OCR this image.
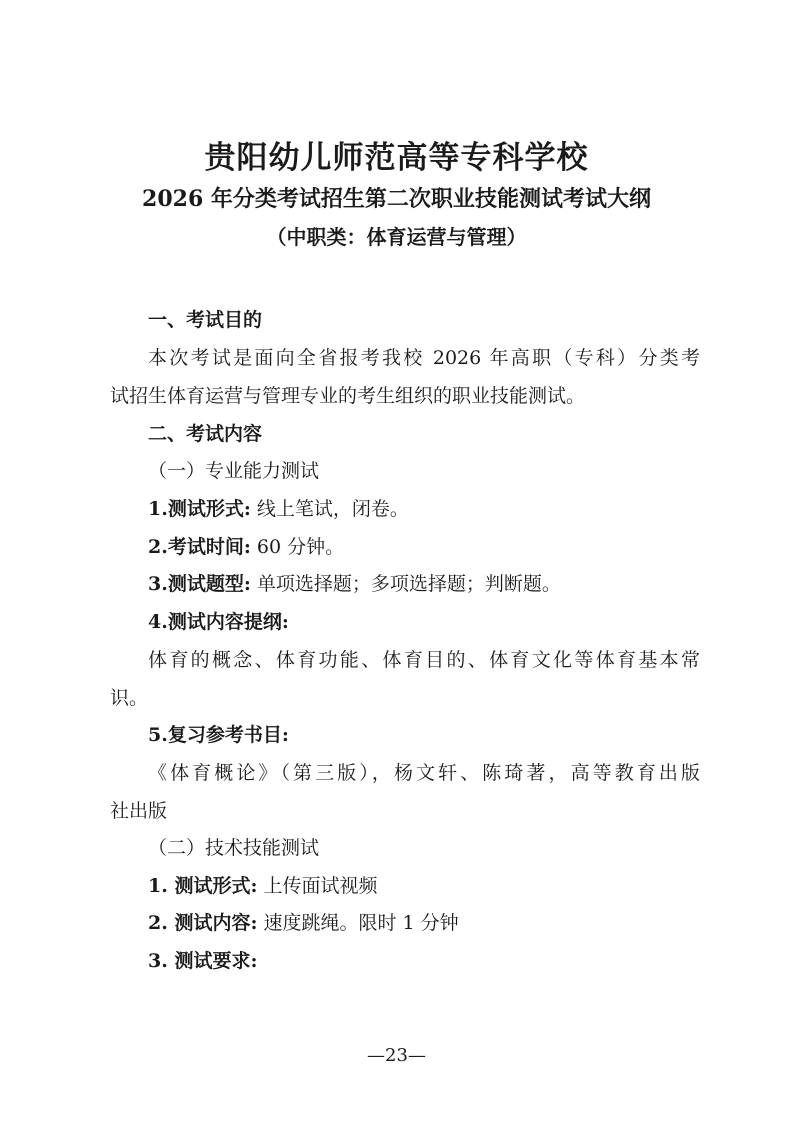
贵阳幼儿师范高等专科学校
2026 年分类考试招生第二次职业技能测试考试大纲
（中职类：体育运营与管理）
一、考试目的
本次考试是面向全省报考我校 2026 年高职（专科）分类考
试招生体育运营与管理专业的考生组织的职业技能测试。
二、考试内容
（一）专业能力测试
1.测试形式: 线上笔试，闭卷。
2.考试时间: 60 分钟。
3.测试题型: 单项选择题；多项选择题；判断题。
4.测试内容提纲:
体育的概念、体育功能、体育目的、体育文化等体育基本常
识。
5.复习参考书目:
《体育概论》（第三版），杨文轩、陈琦著，高等教育出版
社出版
（二）技术技能测试
1. 测试形式: 上传面试视频
2. 测试内容: 速度跳绳。限时 1 分钟
3. 测试要求:
—23—
